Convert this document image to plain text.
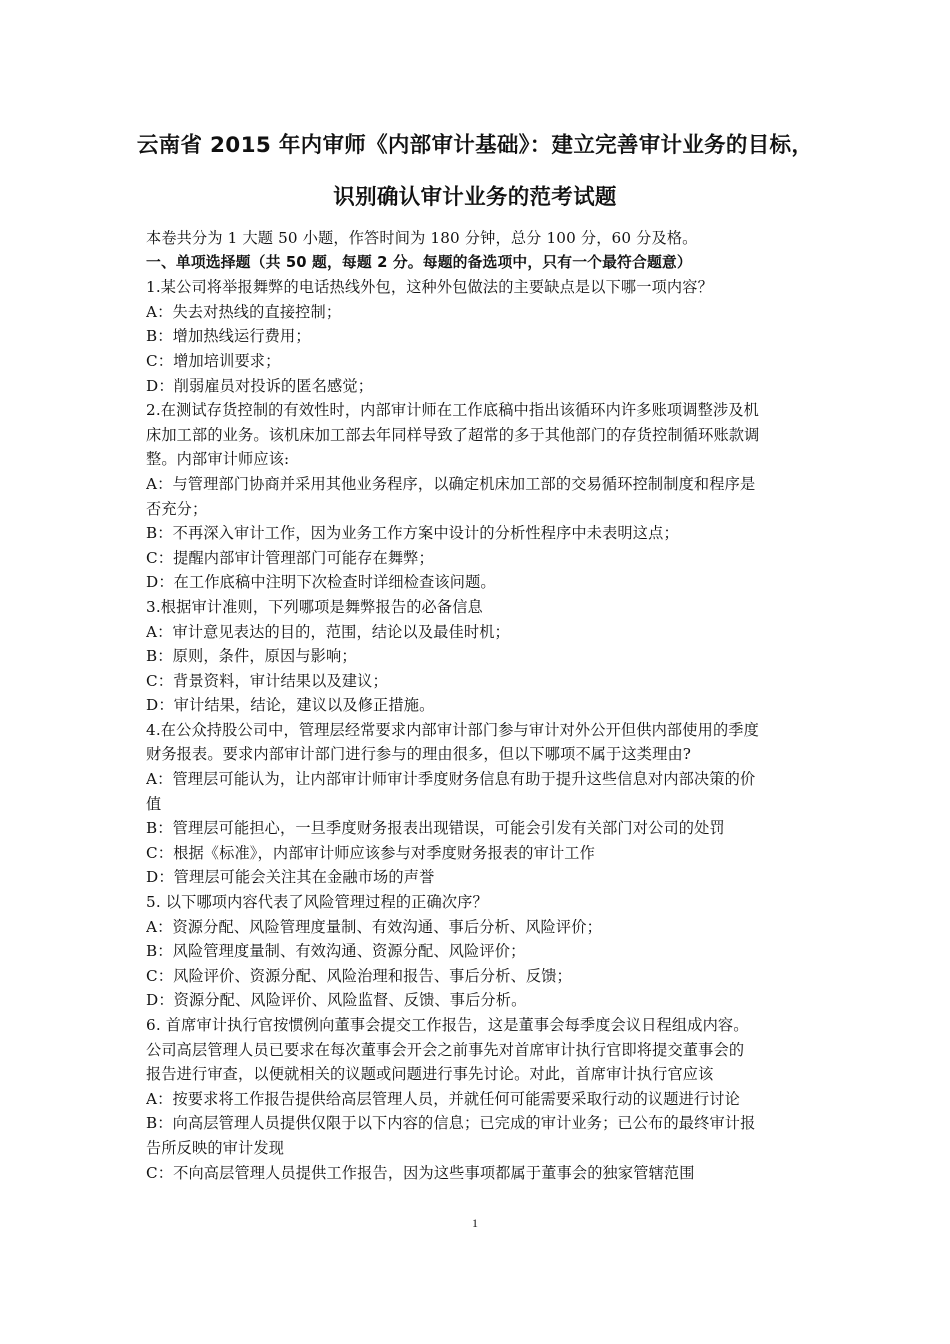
云南省 2015 年内审师《内部审计基础》：建立完善审计业务的目标，
识别确认审计业务的范考试题
本卷共分为 1 大题 50 小题，作答时间为 180 分钟，总分 100 分，60 分及格。
一、单项选择题（共 50 题，每题 2 分。每题的备选项中，只有一个最符合题意）
1.某公司将举报舞弊的电话热线外包，这种外包做法的主要缺点是以下哪一项内容？
A：失去对热线的直接控制；
B：增加热线运行费用；
C：增加培训要求；
D：削弱雇员对投诉的匿名感觉；
2.在测试存货控制的有效性时，内部审计师在工作底稿中指出该循环内许多账项调整涉及机
床加工部的业务。该机床加工部去年同样导致了超常的多于其他部门的存货控制循环账款调
整。内部审计师应该:
A：与管理部门协商并采用其他业务程序，以确定机床加工部的交易循环控制制度和程序是
否充分；
B：不再深入审计工作，因为业务工作方案中设计的分析性程序中未表明这点；
C：提醒内部审计管理部门可能存在舞弊；
D：在工作底稿中注明下次检查时详细检查该问题。
3.根据审计准则，下列哪项是舞弊报告的必备信息
A：审计意见表达的目的，范围，结论以及最佳时机；
B：原则，条件，原因与影响；
C：背景资料，审计结果以及建议；
D：审计结果，结论，建议以及修正措施。
4.在公众持股公司中，管理层经常要求内部审计部门参与审计对外公开但供内部使用的季度
财务报表。要求内部审计部门进行参与的理由很多，但以下哪项不属于这类理由?
A：管理层可能认为，让内部审计师审计季度财务信息有助于提升这些信息对内部决策的价
值
B：管理层可能担心，一旦季度财务报表出现错误，可能会引发有关部门对公司的处罚
C：根据《标准》，内部审计师应该参与对季度财务报表的审计工作
D：管理层可能会关注其在金融市场的声誉
5. 以下哪项内容代表了风险管理过程的正确次序？
A：资源分配、风险管理度量制、有效沟通、事后分析、风险评价；
B：风险管理度量制、有效沟通、资源分配、风险评价；
C：风险评价、资源分配、风险治理和报告、事后分析、反馈；
D：资源分配、风险评价、风险监督、反馈、事后分析。
6. 首席审计执行官按惯例向董事会提交工作报告，这是董事会每季度会议日程组成内容。
公司高层管理人员已要求在每次董事会开会之前事先对首席审计执行官即将提交董事会的
报告进行审查，以便就相关的议题或问题进行事先讨论。对此，首席审计执行官应该
A：按要求将工作报告提供给高层管理人员，并就任何可能需要采取行动的议题进行讨论
B：向高层管理人员提供仅限于以下内容的信息；已完成的审计业务；已公布的最终审计报
告所反映的审计发现
C：不向高层管理人员提供工作报告，因为这些事项都属于董事会的独家管辖范围
1
